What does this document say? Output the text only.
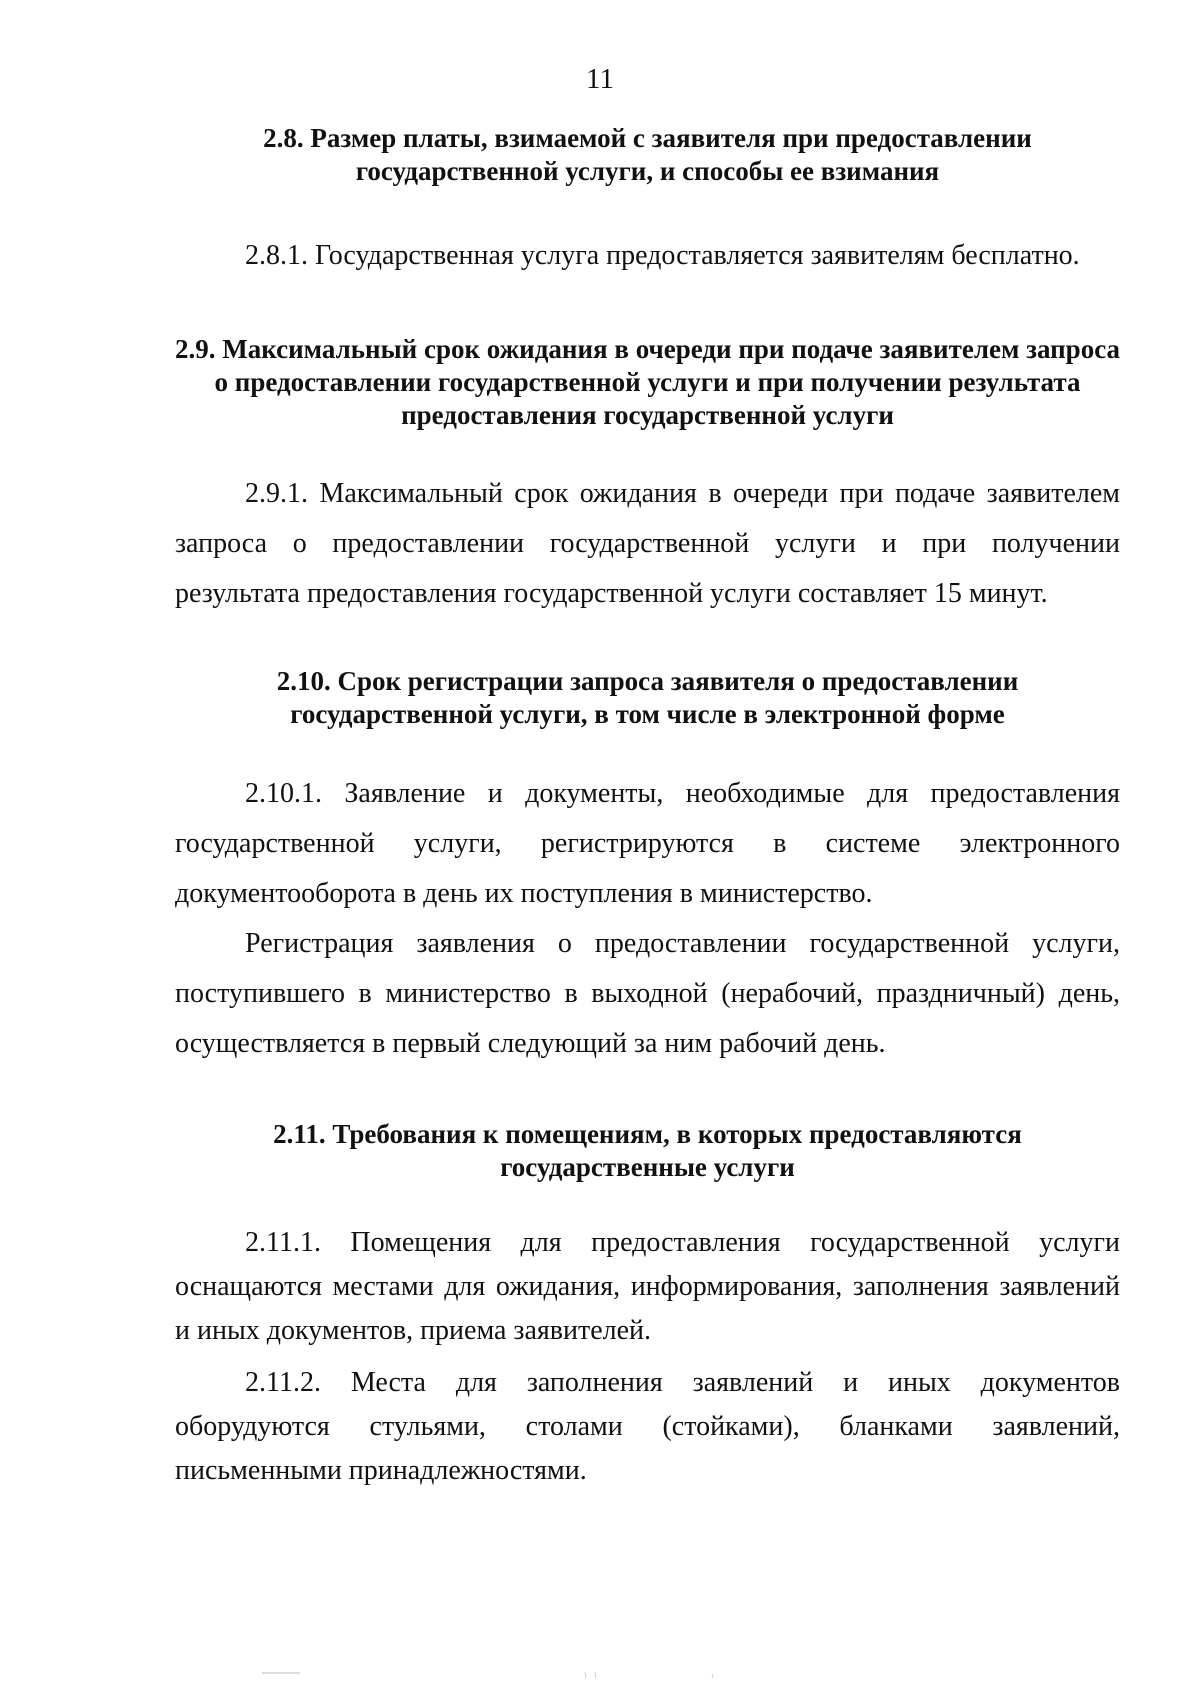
11
2.8. Размер платы, взимаемой с заявителя при предоставлении государственной услуги, и способы ее взимания

2.8.1. Государственная услуга предоставляется заявителям бесплатно.

2.9. Максимальный срок ожидания в очереди при подаче заявителем запроса о предоставлении государственной услуги и при получении результата предоставления государственной услуги

2.9.1. Максимальный срок ожидания в очереди при подаче заявителем запроса о предоставлении государственной услуги и при получении результата предоставления государственной услуги составляет 15 минут.

2.10. Срок регистрации запроса заявителя о предоставлении государственной услуги, в том числе в электронной форме

2.10.1. Заявление и документы, необходимые для предоставления государственной услуги, регистрируются в системе электронного документооборота в день их поступления в министерство.

Регистрация заявления о предоставлении государственной услуги, поступившего в министерство в выходной (нерабочий, праздничный) день, осуществляется в первый следующий за ним рабочий день.

2.11. Требования к помещениям, в которых предоставляются государственные услуги

2.11.1. Помещения для предоставления государственной услуги оснащаются местами для ожидания, информирования, заполнения заявлений и иных документов, приема заявителей.

2.11.2. Места для заполнения заявлений и иных документов оборудуются стульями, столами (стойками), бланками заявлений, письменными принадлежностями.
